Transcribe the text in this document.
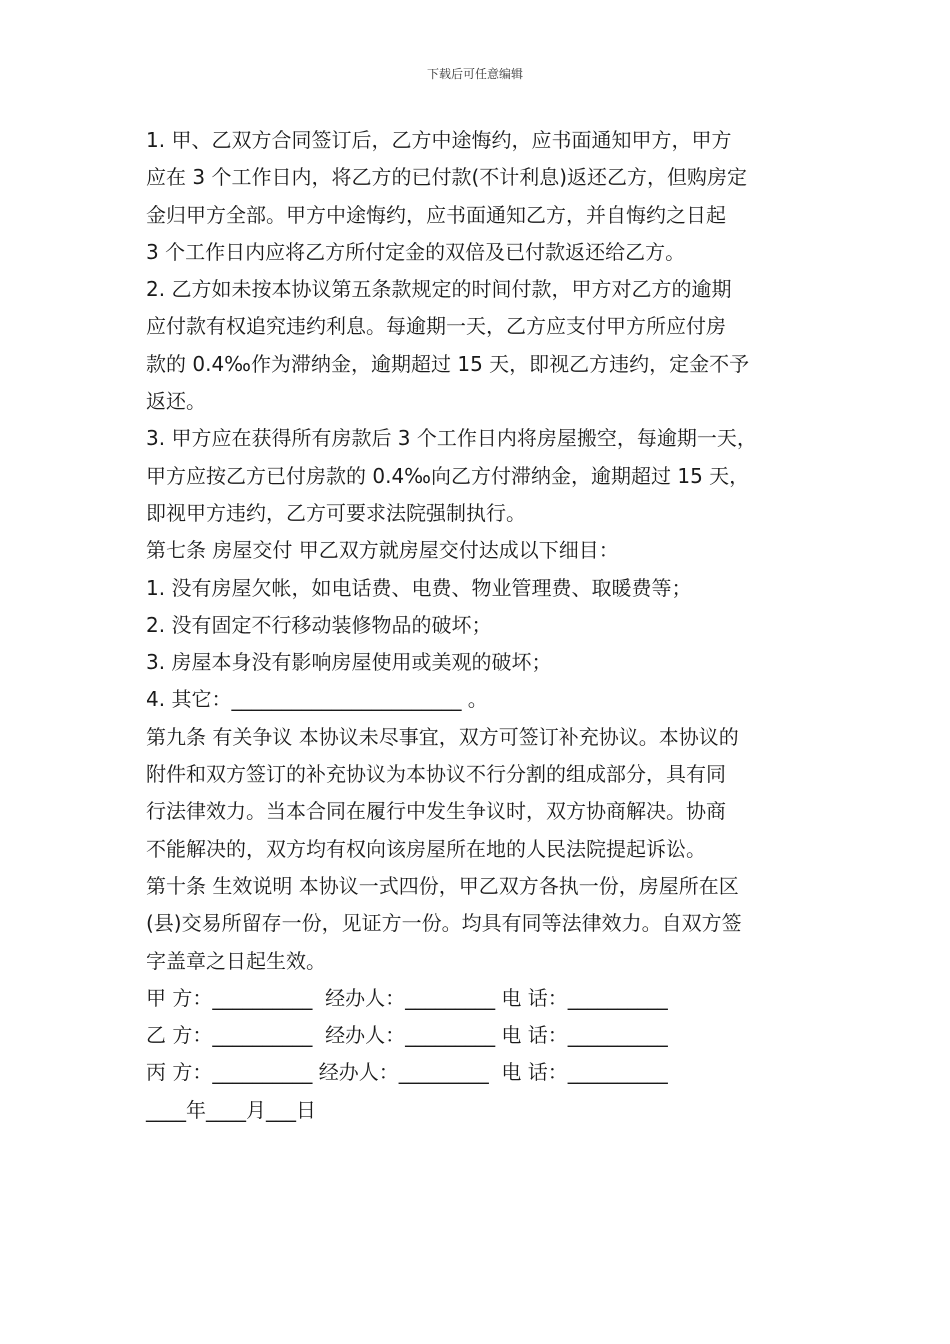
下载后可任意编辑
1. 甲、乙双方合同签订后，乙方中途悔约，应书面通知甲方，甲方
应在 3 个工作日内，将乙方的已付款(不计利息)返还乙方，但购房定
金归甲方全部。甲方中途悔约，应书面通知乙方，并自悔约之日起
3 个工作日内应将乙方所付定金的双倍及已付款返还给乙方。
2. 乙方如未按本协议第五条款规定的时间付款，甲方对乙方的逾期
应付款有权追究违约利息。每逾期一天，乙方应支付甲方所应付房
款的 0.4‰作为滞纳金，逾期超过 15 天，即视乙方违约，定金不予
返还。
3. 甲方应在获得所有房款后 3 个工作日内将房屋搬空，每逾期一天，
甲方应按乙方已付房款的 0.4‰向乙方付滞纳金，逾期超过 15 天，
即视甲方违约，乙方可要求法院强制执行。
第七条 房屋交付 甲乙双方就房屋交付达成以下细目：
1. 没有房屋欠帐，如电话费、电费、物业管理费、取暖费等；
2. 没有固定不行移动装修物品的破坏；
3. 房屋本身没有影响房屋使用或美观的破坏；
4. 其它：_______________________ 。
第九条 有关争议 本协议未尽事宜，双方可签订补充协议。本协议的
附件和双方签订的补充协议为本协议不行分割的组成部分，具有同
行法律效力。当本合同在履行中发生争议时，双方协商解决。协商
不能解决的，双方均有权向该房屋所在地的人民法院提起诉讼。
第十条 生效说明 本协议一式四份，甲乙双方各执一份，房屋所在区
(县)交易所留存一份，见证方一份。均具有同等法律效力。自双方签
字盖章之日起生效。
甲 方：__________  经办人：_________ 电 话：__________
乙 方：__________  经办人：_________ 电 话：__________
丙 方：__________ 经办人：_________  电 话：__________
____年____月___日
